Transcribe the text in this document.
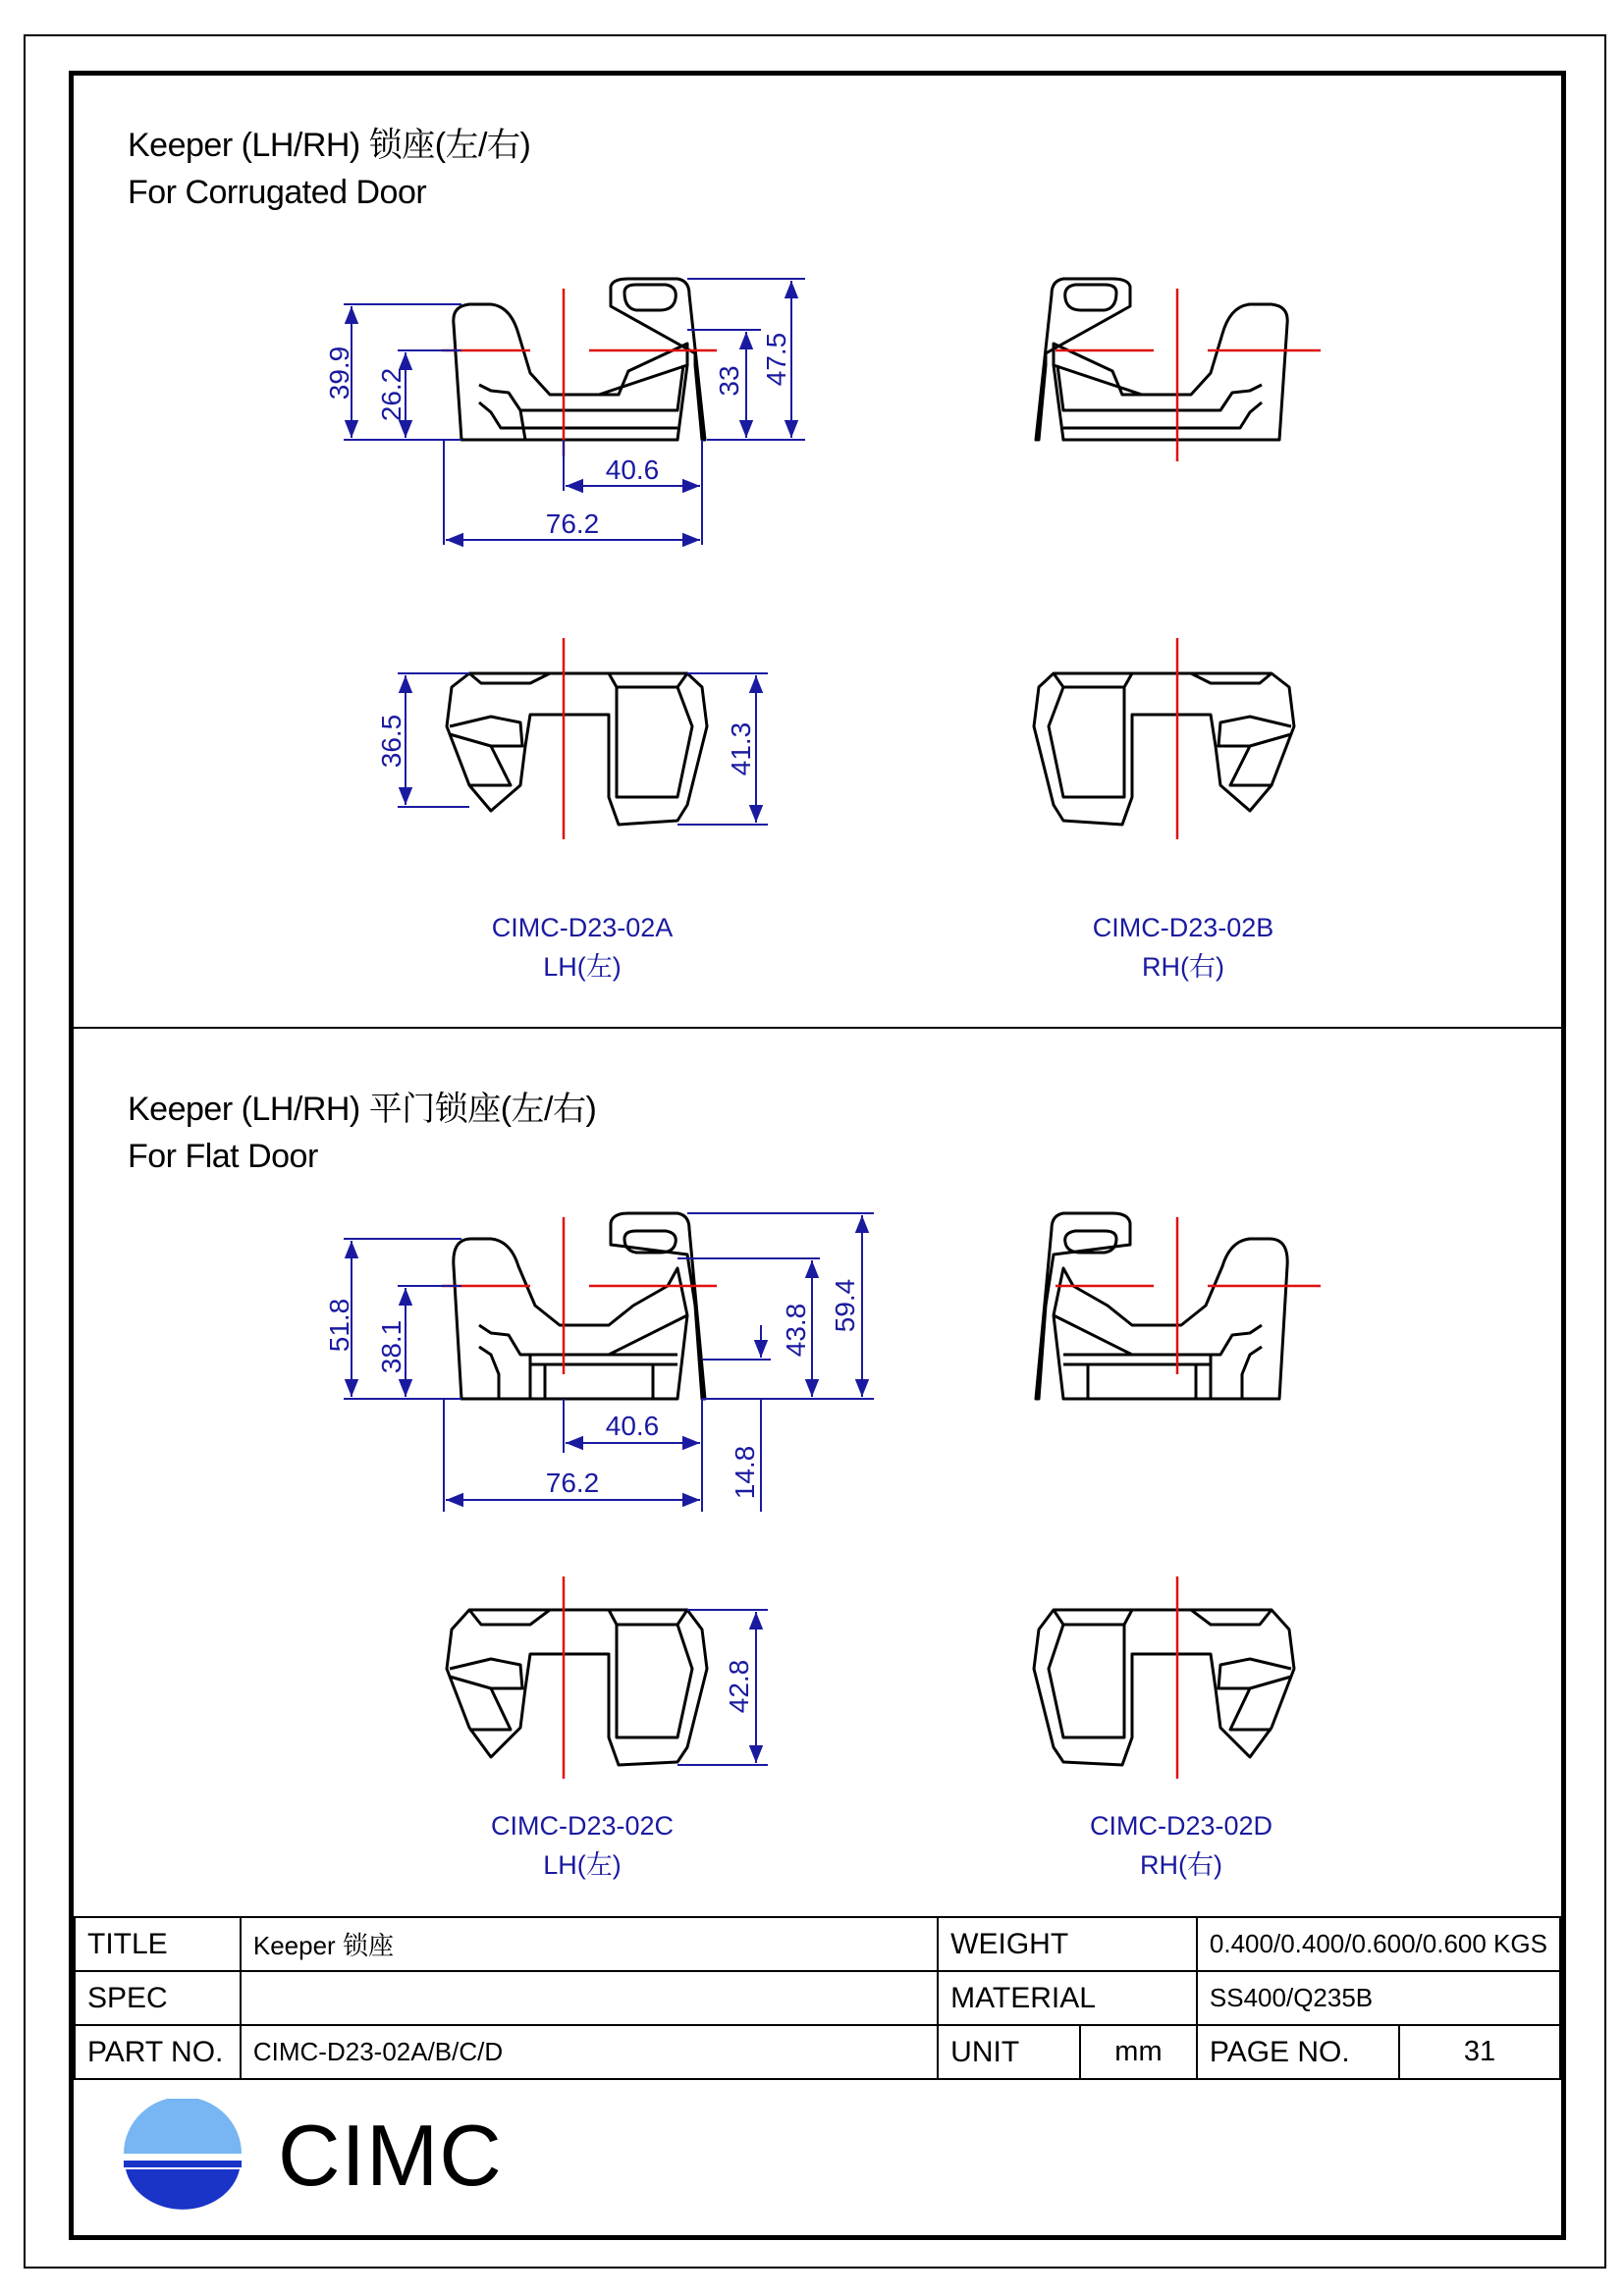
Keeper (LH/RH) 锁座(左/右)
For Corrugated Door
Keeper (LH/RH) 平门锁座(左/右)
For Flat Door
39.9 26.2	33 47.5
40.6
76.2
36.5	41.3
51.8 38.1	43.8 59.4
40.6
76.2	14.8
42.8
CIMC-D23-02A
LH(左)
CIMC-D23-02B
RH(右)
CIMC-D23-02C
LH(左)
CIMC-D23-02D
RH(右)
TITLE	Keeper 锁座	WEIGHT		0.400/0.400/0.600/0.600 KGS	
SPEC		MATERIAL		SS400/Q235B	
PART NO.	CIMC-D23-02A/B/C/D	UNIT	mm	PAGE NO.	31
CIMC
